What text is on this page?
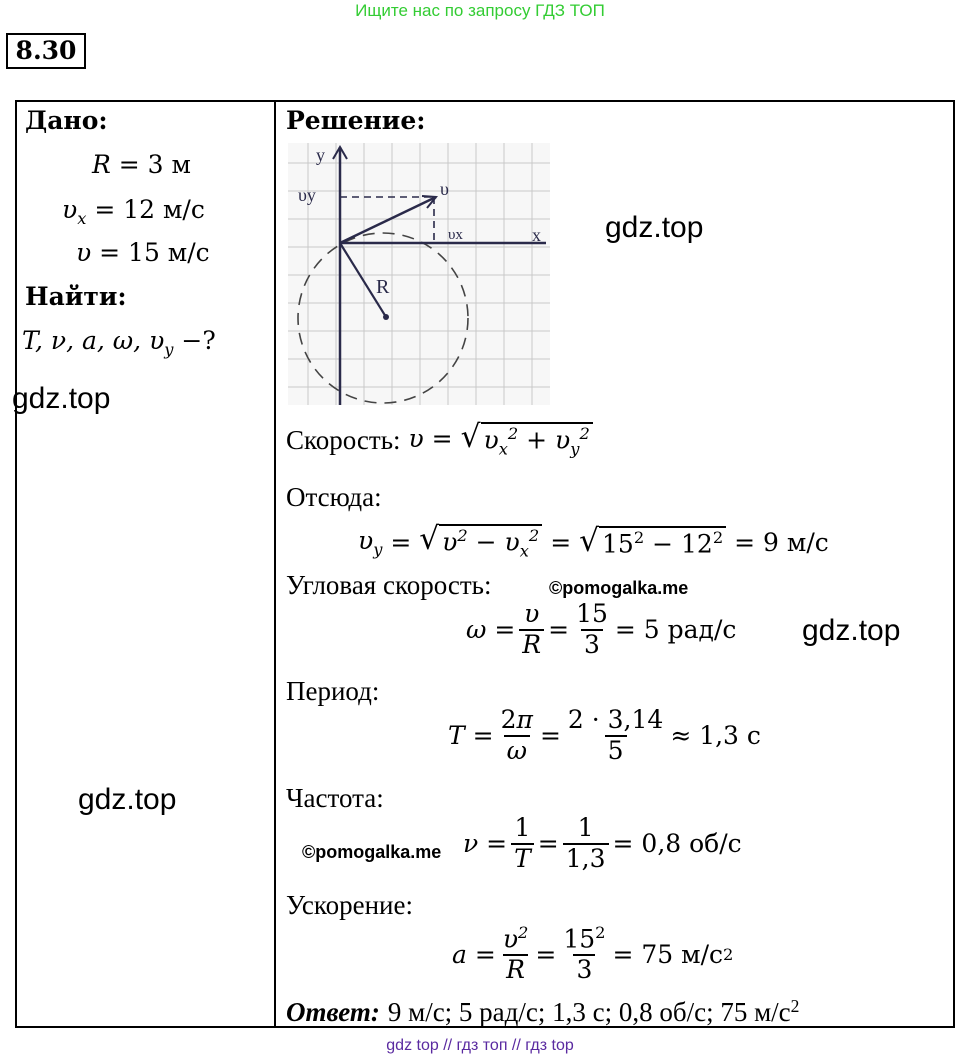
Ищите нас по запросу ГДЗ ТОП
8.30
Дано:
R = 3 м
$\upsilon_x = 12$ м/с
υ = 15 м/с
Найти:
T, ν, a, ω, $\upsilon_y$ −?
gdz.top
gdz.top
Решение:
y
x
υy	υ
υx
R
gdz.top
Скорость: υ = √ $\upsilon_x^2 + \upsilon_y^2$
Отсюда:
$\upsilon_y$ = √ $\upsilon^2 - \upsilon_x^2$ = √ $15^2 - 12^2$
= 9 м/с
Угловая скорость:	©pomogalka.me
$\omega = \frac{\upsilon}{R} = \frac{15}{3} = 5$ рад/с gdz.top
Период:
$T = \frac{2\pi}{\omega} = \frac{2 \cdot 3,14}{5} \approx 1,3$ с
Частота:
©pomogalka.me $\nu = \frac{1}{T} = \frac{1}{1,3} = 0,8$ об/с
Ускорение:
$a = \frac{\upsilon^2}{R} = \frac{15^2}{3} = 75$ м/с 2
Ответ: 9 м/с; 5 рад/с; 1,3 с; 0,8 об/с; 75 м/с $^2$
gdz top // гдз топ // гдз top
